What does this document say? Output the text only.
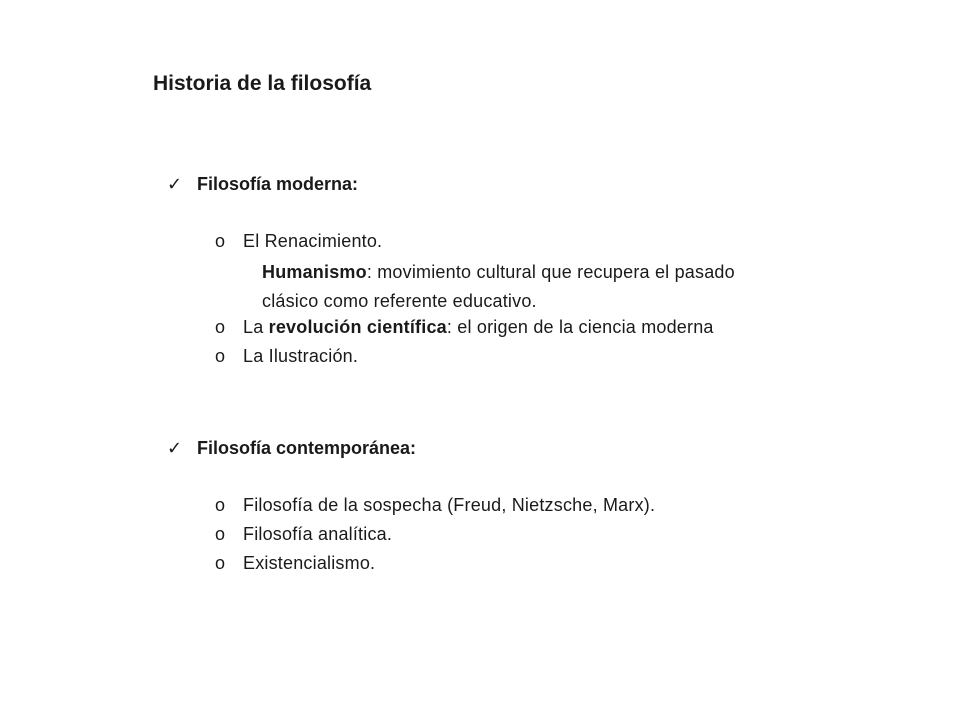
Historia de la filosofía
✓ Filosofía moderna:
o El Renacimiento.
Humanismo: movimiento cultural que recupera el pasado
clásico como referente educativo.
o La revolución científica: el origen de la ciencia moderna
o La Ilustración.
✓ Filosofía contemporánea:
o Filosofía de la sospecha (Freud, Nietzsche, Marx).
o Filosofía analítica.
o Existencialismo.
